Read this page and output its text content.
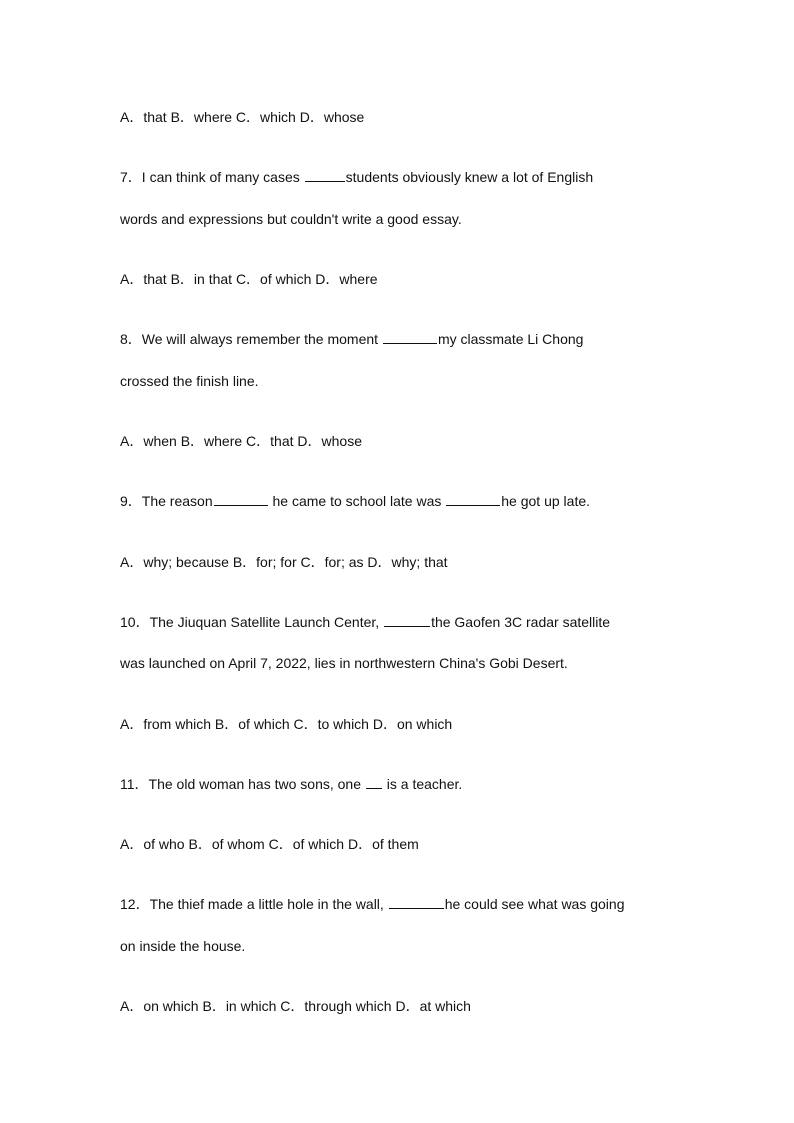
A．that B．where C．which D．whose
7．I can think of many cases	students obviously knew a lot of English
words and expressions but couldn't write a good essay.
A．that B．in that C．of which D．where
8．We will always remember the moment	my classmate Li Chong
crossed the finish line.
A．when B．where C．that D．whose
9．The reason	he came to school late was	he got up late.
A．why; because B．for; for C．for; as D．why; that
10．The Jiuquan Satellite Launch Center,	the Gaofen 3C radar satellite
was launched on April 7, 2022, lies in northwestern China's Gobi Desert.
A．from which B．of which C．to which D．on which
11．The old woman has two sons, one is a teacher.
A．of who B．of whom C．of which D．of them
12．The thief made a little hole in the wall,	he could see what was going
on inside the house.
A．on which B．in which C．through which D．at which
